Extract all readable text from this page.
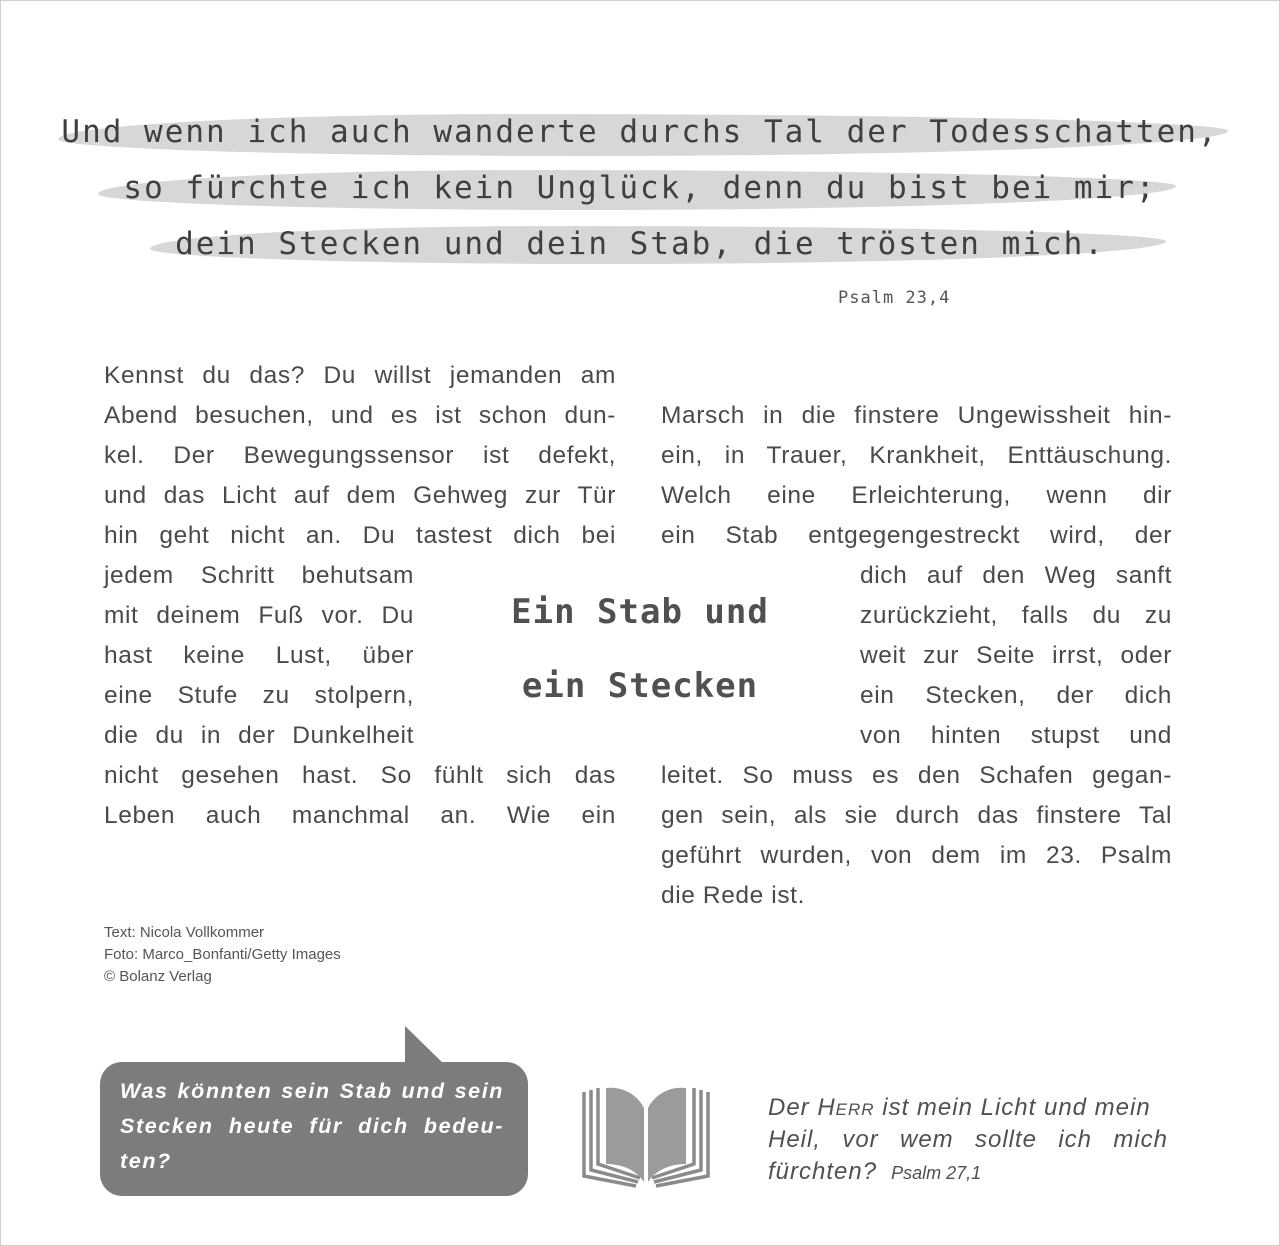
Und wenn ich auch wanderte durchs Tal der Todesschatten,
so fürchte ich kein Unglück, denn du bist bei mir;
dein Stecken und dein Stab, die trösten mich.
Psalm 23,4
Kennst du das? Du willst jemanden am
Abend besuchen, und es ist schon dun-
kel. Der Bewegungssensor ist defekt,
und das Licht auf dem Gehweg zur Tür
hin geht nicht an. Du tastest dich bei
jedem Schritt behutsam
mit deinem Fuß vor. Du
hast keine Lust, über
eine Stufe zu stolpern,
die du in der Dunkelheit
nicht gesehen hast. So fühlt sich das
Leben auch manchmal an. Wie ein
Ein Stab und
ein Stecken
Marsch in die finstere Ungewissheit hin-
ein, in Trauer, Krankheit, Enttäuschung.
Welch eine Erleichterung, wenn dir
ein Stab entgegengestreckt wird, der
dich auf den Weg sanft
zurückzieht, falls du zu
weit zur Seite irrst, oder
ein Stecken, der dich
von hinten stupst und
leitet. So muss es den Schafen gegan-
gen sein, als sie durch das finstere Tal
geführt wurden, von dem im 23. Psalm
die Rede ist.
Text: Nicola Vollkommer
Foto: Marco_Bonfanti/Getty Images
© Bolanz Verlag
Was könnten sein Stab und sein
Stecken heute für dich bedeu-
ten?
Der Herr ist mein Licht und mein
Heil, vor wem sollte ich mich
fürchten? Psalm 27,1
